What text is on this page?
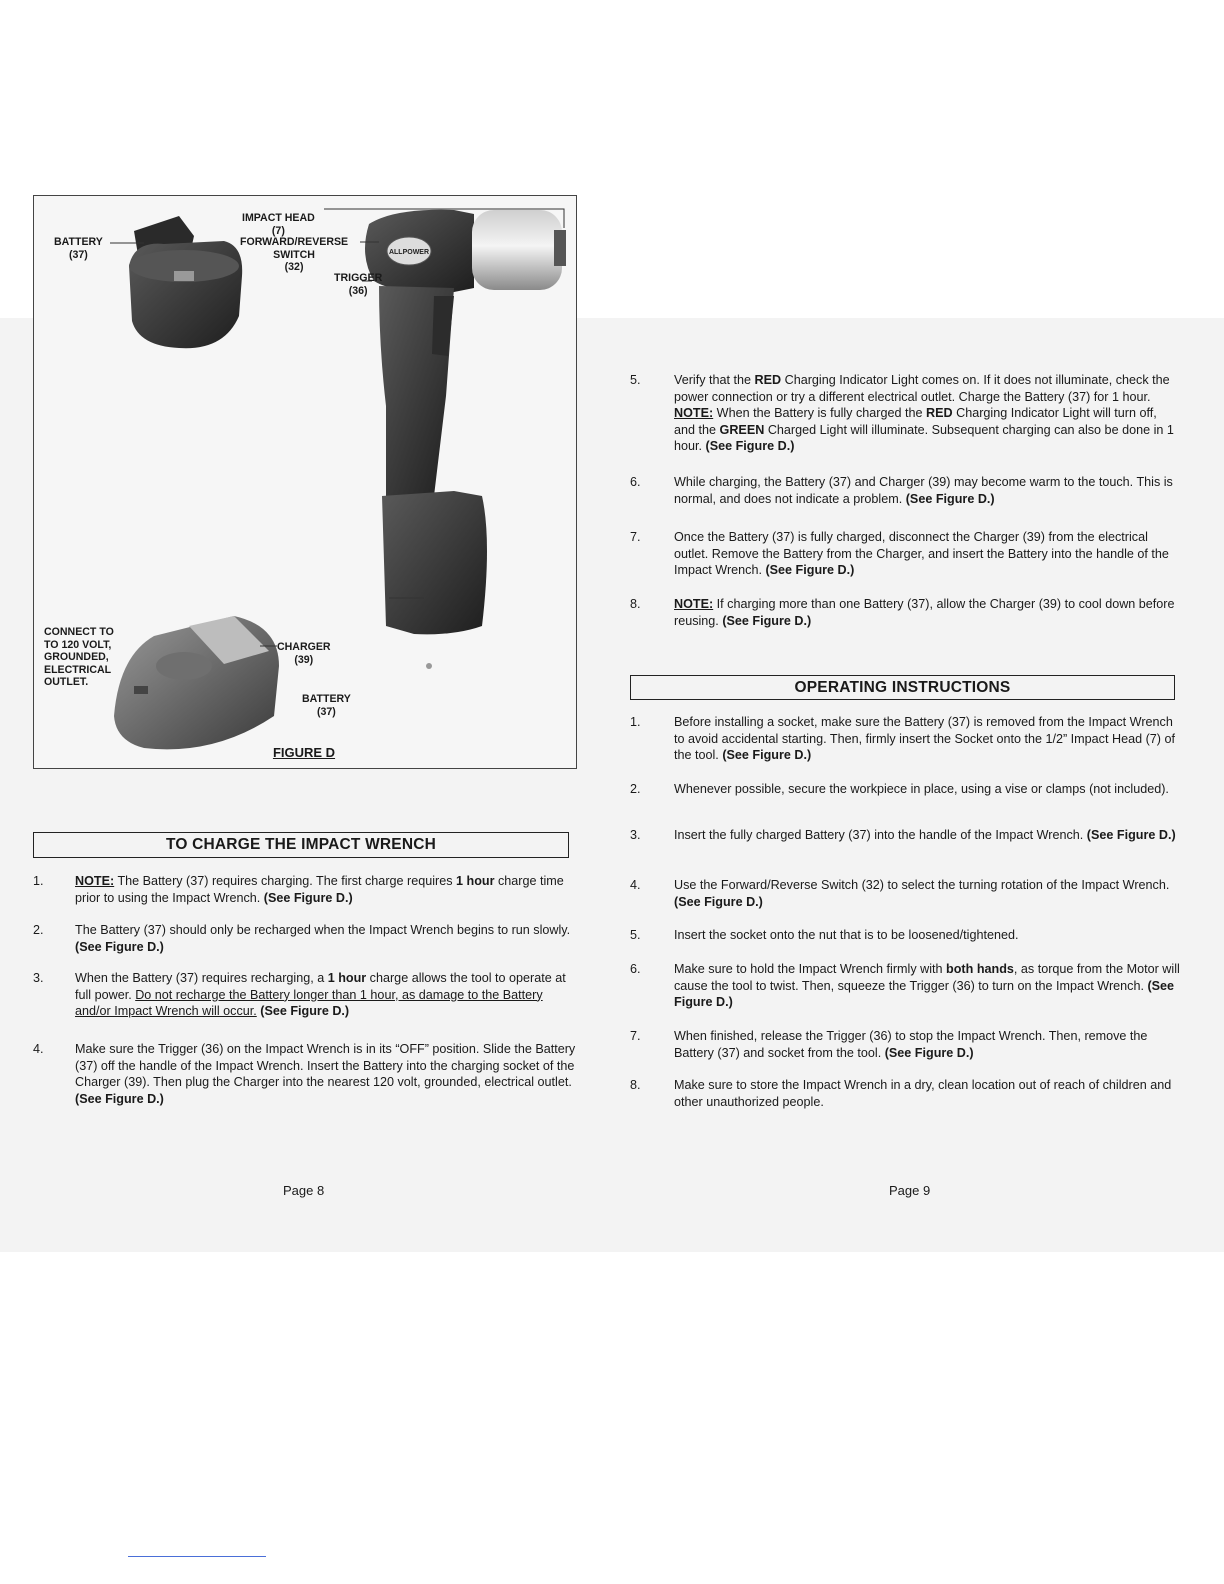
ALLPOWER
IMPACT HEAD
(7)
BATTERY
(37)
FORWARD/REVERSE
SWITCH
(32)
TRIGGER
(36)
CONNECT TO
TO 120 VOLT,
GROUNDED,
ELECTRICAL
OUTLET.
CHARGER
(39)
BATTERY
(37)
FIGURE D
TO CHARGE THE IMPACT WRENCH
1.	NOTE: The Battery (37) requires charging. The first charge requires 1 hour charge time prior to using the Impact Wrench. (See Figure D.)
2.	The Battery (37) should only be recharged when the Impact Wrench begins to run slowly. (See Figure D.)
3.	When the Battery (37) requires recharging, a 1 hour charge allows the tool to operate at full power. Do not recharge the Battery longer than 1 hour, as damage to the Battery and/or Impact Wrench will occur. (See Figure D.)
4.	Make sure the Trigger (36) on the Impact Wrench is in its “OFF” position. Slide the Battery (37) off the handle of the Impact Wrench. Insert the Battery into the charging socket of the Charger (39). Then plug the Charger into the nearest 120 volt, grounded, electrical outlet. (See Figure D.)
Page 8
5.	Verify that the RED Charging Indicator Light comes on. If it does not illuminate, check the power connection or try a different electrical outlet. Charge the Battery (37) for 1 hour. NOTE: When the Battery is fully charged the RED Charging Indicator Light will turn off, and the GREEN Charged Light will illuminate. Subsequent charging can also be done in 1 hour. (See Figure D.)
6.	While charging, the Battery (37) and Charger (39) may become warm to the touch. This is normal, and does not indicate a problem. (See Figure D.)
7.	Once the Battery (37) is fully charged, disconnect the Charger (39) from the electrical outlet. Remove the Battery from the Charger, and insert the Battery into the handle of the Impact Wrench. (See Figure D.)
8.	NOTE: If charging more than one Battery (37), allow the Charger (39) to cool down before reusing. (See Figure D.)
OPERATING INSTRUCTIONS
1.	Before installing a socket, make sure the Battery (37) is removed from the Impact Wrench to avoid accidental starting. Then, firmly insert the Socket onto the 1/2” Impact Head (7) of the tool. (See Figure D.)
2.	Whenever possible, secure the workpiece in place, using a vise or clamps (not included).
3.	Insert the fully charged Battery (37) into the handle of the Impact Wrench. (See Figure D.)
4.	Use the Forward/Reverse Switch (32) to select the turning rotation of the Impact Wrench. (See Figure D.)
5.	Insert the socket onto the nut that is to be loosened/tightened.
6.	Make sure to hold the Impact Wrench firmly with both hands, as torque from the Motor will cause the tool to twist. Then, squeeze the Trigger (36) to turn on the Impact Wrench. (See Figure D.)
7.	When finished, release the Trigger (36) to stop the Impact Wrench. Then, remove the Battery (37) and socket from the tool. (See Figure D.)
8.	Make sure to store the Impact Wrench in a dry, clean location out of reach of children and other unauthorized people.
Page 9
